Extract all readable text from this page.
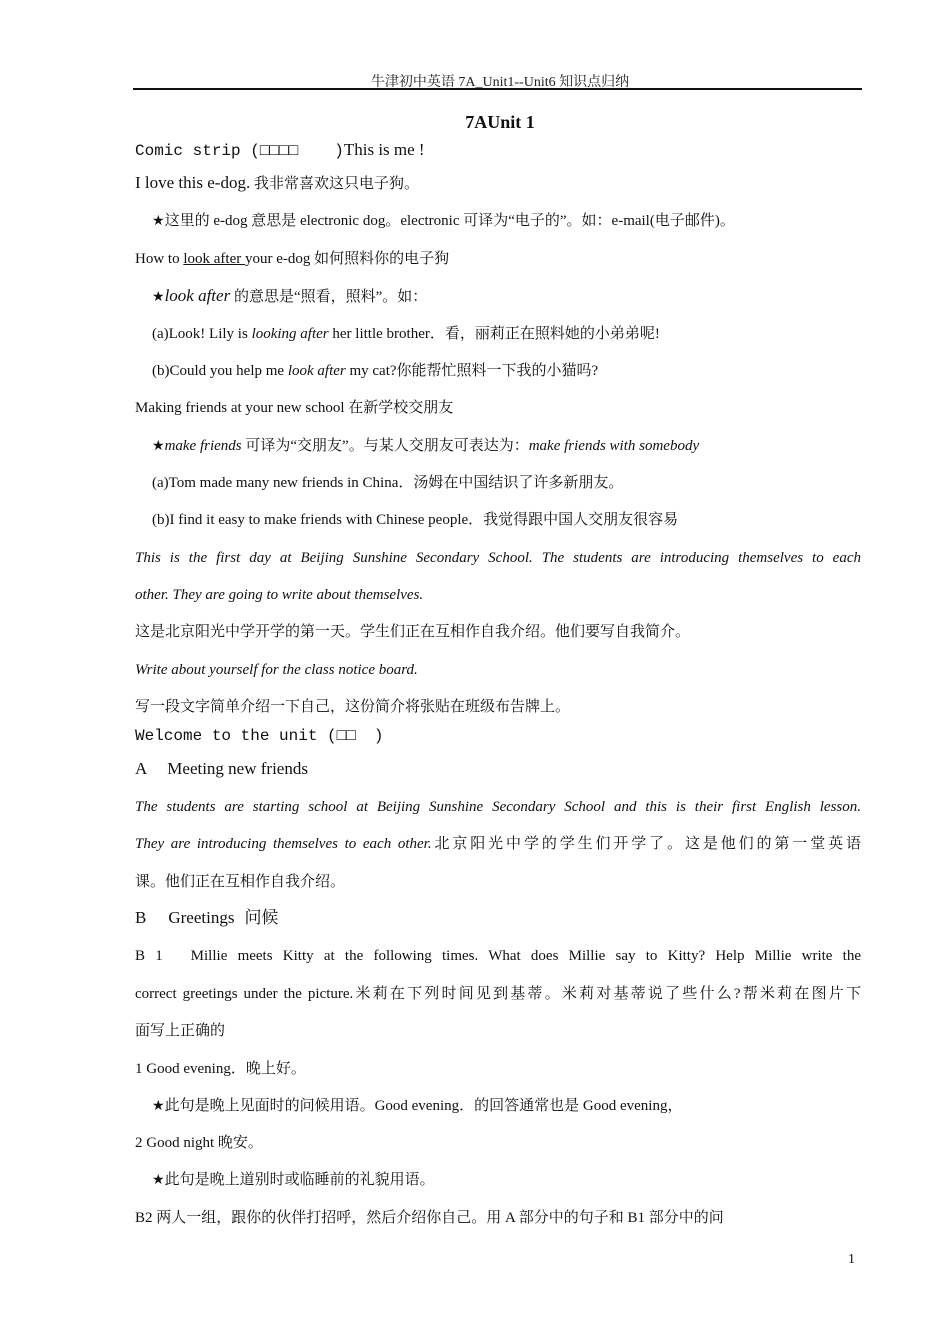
牛津初中英语 7A_Unit1--Unit6 知识点归纳
7AUnit 1
Comic strip (□□□□ )This is me !
I love this e-dog. 我非常喜欢这只电子狗。
★这里的 e-dog 意思是 electronic dog。electronic 可译为“电子的”。如：e-mail(电子邮件)。
How to look after your e-dog 如何照料你的电子狗
★look after 的意思是“照看，照料”。如：
(a)Look! Lily is looking after her little brother．看，丽莉正在照料她的小弟弟呢!
(b)Could you help me look after my cat?你能帮忙照料一下我的小猫吗?
Making friends at your new school 在新学校交朋友
★make friends 可译为“交朋友”。与某人交朋友可表达为：make friends with somebody
(a)Tom made many new friends in China．汤姆在中国结识了许多新朋友。
(b)I find it easy to make friends with Chinese people．我觉得跟中国人交朋友很容易
This is the first day at Beijing Sunshine Secondary School. The students are introducing themselves to each
other. They are going to write about themselves.
这是北京阳光中学开学的第一天。学生们正在互相作自我介绍。他们要写自我简介。
Write about yourself for the class notice board.
写一段文字简单介绍一下自己，这份简介将张贴在班级布告牌上。
Welcome to the unit (□□ )
A Meeting new friends
The students are starting school at Beijing Sunshine Secondary School and this is their first English lesson.
They are introducing themselves to each other.北京阳光中学的学生们开学了。这是他们的第一堂英语
课。他们正在互相作自我介绍。
B Greetings 问候
B 1　Millie meets Kitty at the following times. What does Millie say to Kitty? Help Millie write the
correct greetings under the picture.米莉在下列时间见到基蒂。米莉对基蒂说了些什么?帮米莉在图片下
面写上正确的
1 Good evening．晚上好。
★此句是晚上见面时的问候用语。Good evening．的回答通常也是 Good evening，
2 Good night 晚安。
★此句是晚上道别时或临睡前的礼貌用语。
B2 两人一组，跟你的伙伴打招呼，然后介绍你自己。用 A 部分中的句子和 B1 部分中的问
1
